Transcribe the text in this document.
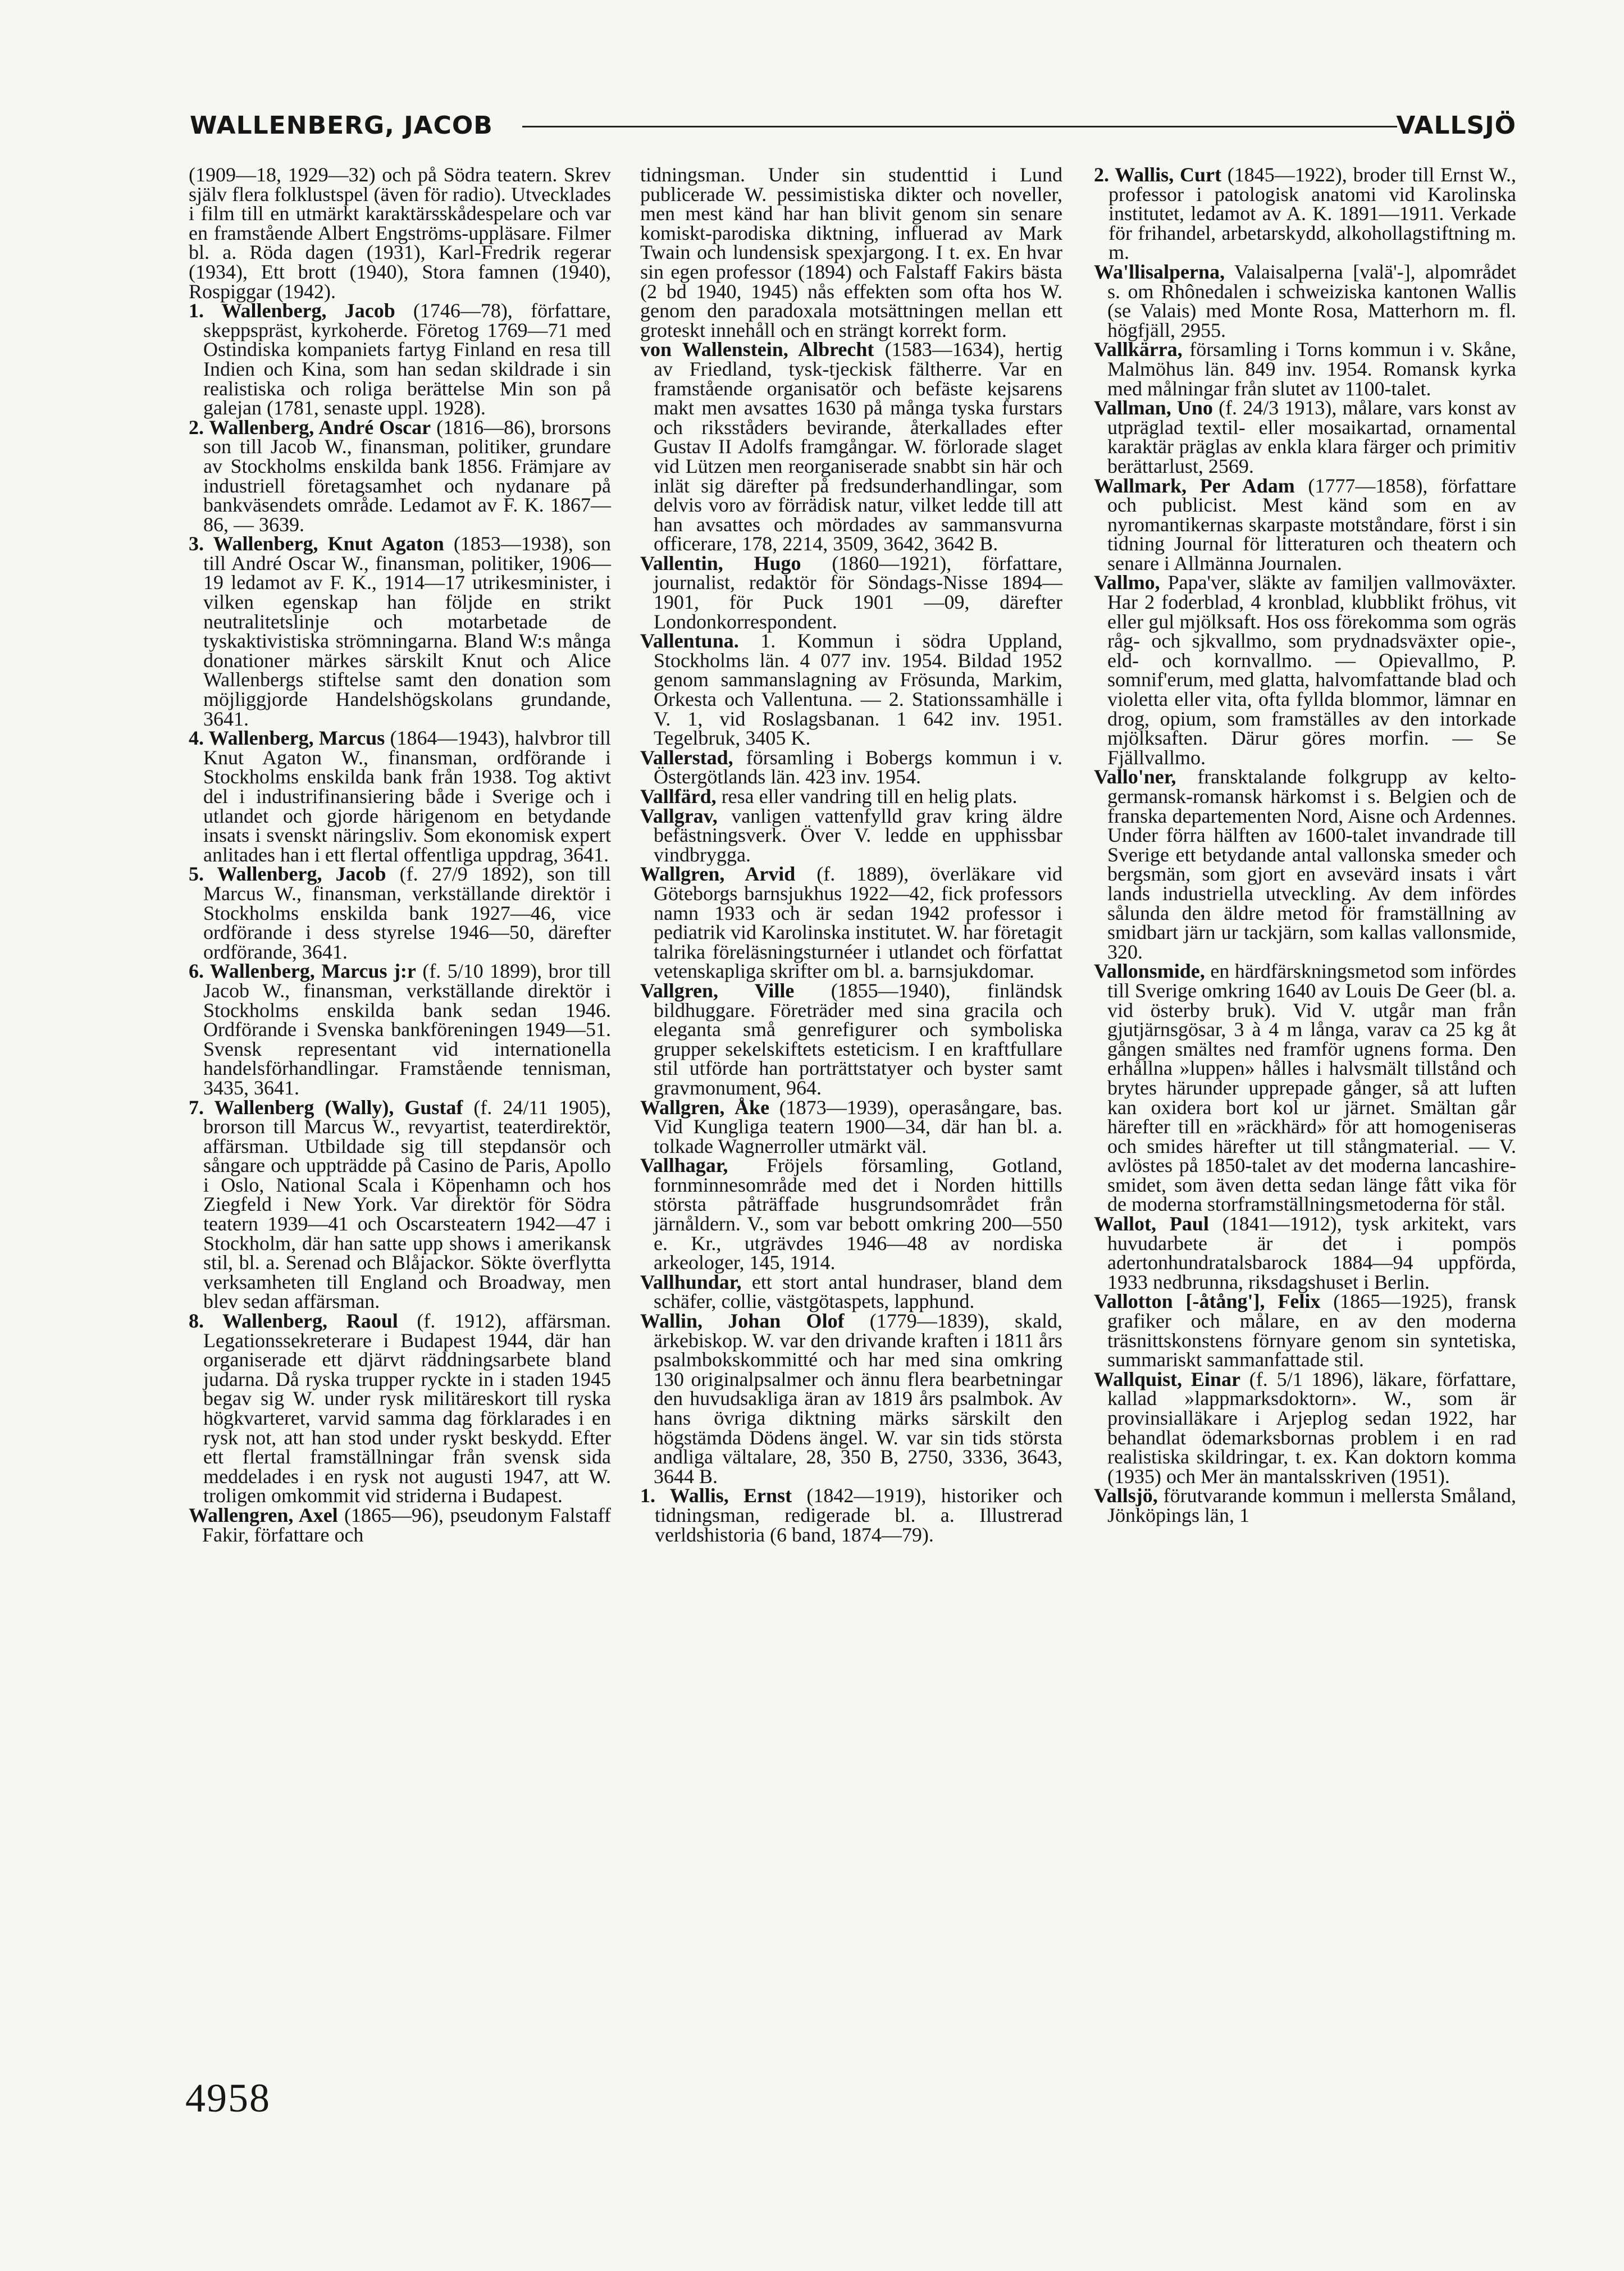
WALLENBERG, JACOB	VALLSJÖ

(1909—18, 1929—32) och på Södra teatern. Skrev själv flera folklustspel (även för radio). Utvecklades i film till en utmärkt karaktärsskådespelare och var en framstående Albert Engströms-uppläsare. Filmer bl. a. Röda dagen (1931), Karl-Fredrik regerar (1934), Ett brott (1940), Stora famnen (1940), Rospiggar (1942).

1. Wallenberg, Jacob (1746—78), författare, skeppspräst, kyrkoherde. Företog 1769—71 med Ostindiska kompaniets fartyg Finland en resa till Indien och Kina, som han sedan skildrade i sin realistiska och roliga berättelse Min son på galejan (1781, senaste uppl. 1928).

2. Wallenberg, André Oscar (1816—86), brorsons son till Jacob W., finansman, politiker, grundare av Stockholms enskilda bank 1856. Främjare av industriell företagsamhet och nydanare på bankväsendets område. Ledamot av F. K. 1867—86, — 3639.

3. Wallenberg, Knut Agaton (1853—1938), son till André Oscar W., finansman, politiker, 1906—19 ledamot av F. K., 1914—17 utrikesminister, i vilken egenskap han följde en strikt neutralitetslinje och motarbetade de tyskaktivistiska strömningarna. Bland W:s många donationer märkes särskilt Knut och Alice Wallenbergs stiftelse samt den donation som möjliggjorde Handelshögskolans grundande, 3641.

4. Wallenberg, Marcus (1864—1943), halvbror till Knut Agaton W., finansman, ordförande i Stockholms enskilda bank från 1938. Tog aktivt del i industrifinansiering både i Sverige och i utlandet och gjorde härigenom en betydande insats i svenskt näringsliv. Som ekonomisk expert anlitades han i ett flertal offentliga uppdrag, 3641.

5. Wallenberg, Jacob (f. 27/9 1892), son till Marcus W., finansman, verkställande direktör i Stockholms enskilda bank 1927—46, vice ordförande i dess styrelse 1946—50, därefter ordförande, 3641.

6. Wallenberg, Marcus j:r (f. 5/10 1899), bror till Jacob W., finansman, verkställande direktör i Stockholms enskilda bank sedan 1946. Ordförande i Svenska bankföreningen 1949—51. Svensk representant vid internationella handelsförhandlingar. Framstående tennisman, 3435, 3641.

7. Wallenberg (Wally), Gustaf (f. 24/11 1905), brorson till Marcus W., revyartist, teaterdirektör, affärsman. Utbildade sig till stepdansör och sångare och uppträdde på Casino de Paris, Apollo i Oslo, National Scala i Köpenhamn och hos Ziegfeld i New York. Var direktör för Södra teatern 1939—41 och Oscarsteatern 1942—47 i Stockholm, där han satte upp shows i amerikansk stil, bl. a. Serenad och Blåjackor. Sökte överflytta verksamheten till England och Broadway, men blev sedan affärsman.

8. Wallenberg, Raoul (f. 1912), affärsman. Legationssekreterare i Budapest 1944, där han organiserade ett djärvt räddningsarbete bland judarna. Då ryska trupper ryckte in i staden 1945 begav sig W. under rysk militäreskort till ryska högkvarteret, varvid samma dag förklarades i en rysk not, att han stod under ryskt beskydd. Efter ett flertal framställningar från svensk sida meddelades i en rysk not augusti 1947, att W. troligen omkommit vid striderna i Budapest.

Wallengren, Axel (1865—96), pseudonym Falstaff Fakir, författare och

tidningsman. Under sin studenttid i Lund publicerade W. pessimistiska dikter och noveller, men mest känd har han blivit genom sin senare komiskt-parodiska diktning, influerad av Mark Twain och lundensisk spexjargong. I t. ex. En hvar sin egen professor (1894) och Falstaff Fakirs bästa (2 bd 1940, 1945) nås effekten som ofta hos W. genom den paradoxala motsättningen mellan ett groteskt innehåll och en strängt korrekt form.

von Wallenstein, Albrecht (1583—1634), hertig av Friedland, tysk-tjeckisk fältherre. Var en framstående organisatör och befäste kejsarens makt men avsattes 1630 på många tyska furstars och riksståders bevirande, återkallades efter Gustav II Adolfs framgångar. W. förlorade slaget vid Lützen men reorganiserade snabbt sin här och inlät sig därefter på fredsunderhandlingar, som delvis voro av förrädisk natur, vilket ledde till att han avsattes och mördades av sammansvurna officerare, 178, 2214, 3509, 3642, 3642 B.

Vallentin, Hugo (1860—1921), författare, journalist, redaktör för Söndags-Nisse 1894—1901, för Puck 1901 —09, därefter Londonkorrespondent.

Vallentuna. 1. Kommun i södra Uppland, Stockholms län. 4 077 inv. 1954. Bildad 1952 genom sammanslagning av Frösunda, Markim, Orkesta och Vallentuna. — 2. Stationssamhälle i V. 1, vid Roslagsbanan. 1 642 inv. 1951. Tegelbruk, 3405 K.

Vallerstad, församling i Bobergs kommun i v. Östergötlands län. 423 inv. 1954.

Vallfärd, resa eller vandring till en helig plats.

Vallgrav, vanligen vattenfylld grav kring äldre befästningsverk. Över V. ledde en upphissbar vindbrygga.

Wallgren, Arvid (f. 1889), överläkare vid Göteborgs barnsjukhus 1922—42, fick professors namn 1933 och är sedan 1942 professor i pediatrik vid Karolinska institutet. W. har företagit talrika föreläsningsturnéer i utlandet och författat vetenskapliga skrifter om bl. a. barnsjukdomar.

Vallgren, Ville (1855—1940), finländsk bildhuggare. Företräder med sina gracila och eleganta små genrefigurer och symboliska grupper sekelskiftets esteticism. I en kraftfullare stil utförde han porträttstatyer och byster samt gravmonument, 964.

Wallgren, Åke (1873—1939), operasångare, bas. Vid Kungliga teatern 1900—34, där han bl. a. tolkade Wagnerroller utmärkt väl.

Vallhagar, Fröjels församling, Gotland, fornminnesområde med det i Norden hittills största påträffade husgrundsområdet från järnåldern. V., som var bebott omkring 200—550 e. Kr., utgrävdes 1946—48 av nordiska arkeologer, 145, 1914.

Vallhundar, ett stort antal hundraser, bland dem schäfer, collie, västgötaspets, lapphund.

Wallin, Johan Olof (1779—1839), skald, ärkebiskop. W. var den drivande kraften i 1811 års psalmbokskommitté och har med sina omkring 130 originalpsalmer och ännu flera bearbetningar den huvudsakliga äran av 1819 års psalmbok. Av hans övriga diktning märks särskilt den högstämda Dödens ängel. W. var sin tids största andliga vältalare, 28, 350 B, 2750, 3336, 3643, 3644 B.

1. Wallis, Ernst (1842—1919), historiker och tidningsman, redigerade bl. a. Illustrerad verldshistoria (6 band, 1874—79).

2. Wallis, Curt (1845—1922), broder till Ernst W., professor i patologisk anatomi vid Karolinska institutet, ledamot av A. K. 1891—1911. Verkade för frihandel, arbetarskydd, alkohollagstiftning m. m.

Wa'llisalperna, Valaisalperna [valä'-], alpområdet s. om Rhônedalen i schweiziska kantonen Wallis (se Valais) med Monte Rosa, Matterhorn m. fl. högfjäll, 2955.

Vallkärra, församling i Torns kommun i v. Skåne, Malmöhus län. 849 inv. 1954. Romansk kyrka med målningar från slutet av 1100-talet.

Vallman, Uno (f. 24/3 1913), målare, vars konst av utpräglad textil- eller mosaikartad, ornamental karaktär präglas av enkla klara färger och primitiv berättarlust, 2569.

Wallmark, Per Adam (1777—1858), författare och publicist. Mest känd som en av nyromantikernas skarpaste motståndare, först i sin tidning Journal för litteraturen och theatern och senare i Allmänna Journalen.

Vallmo, Papa'ver, släkte av familjen vallmoväxter. Har 2 foderblad, 4 kronblad, klubblikt fröhus, vit eller gul mjölksaft. Hos oss förekomma som ogräs råg- och sjkvallmo, som prydnadsväxter opie-, eld- och kornvallmo. — Opievallmo, P. somnif'erum, med glatta, halvomfattande blad och violetta eller vita, ofta fyllda blommor, lämnar en drog, opium, som framställes av den intorkade mjölksaften. Därur göres morfin. — Se Fjällvallmo.

Vallo'ner, fransktalande folkgrupp av kelto-germansk-romansk härkomst i s. Belgien och de franska departementen Nord, Aisne och Ardennes. Under förra hälften av 1600-talet invandrade till Sverige ett betydande antal vallonska smeder och bergsmän, som gjort en avsevärd insats i vårt lands industriella utveckling. Av dem infördes sålunda den äldre metod för framställning av smidbart järn ur tackjärn, som kallas vallonsmide, 320.

Vallonsmide, en härdfärskningsmetod som infördes till Sverige omkring 1640 av Louis De Geer (bl. a. vid österby bruk). Vid V. utgår man från gjutjärnsgösar, 3 à 4 m långa, varav ca 25 kg åt gången smältes ned framför ugnens forma. Den erhållna »luppen» hålles i halvsmält tillstånd och brytes härunder upprepade gånger, så att luften kan oxidera bort kol ur järnet. Smältan går härefter till en »räckhärd» för att homogeniseras och smides härefter ut till stångmaterial. — V. avlöstes på 1850-talet av det moderna lancashire-smidet, som även detta sedan länge fått vika för de moderna storframställningsmetoderna för stål.

Wallot, Paul (1841—1912), tysk arkitekt, vars huvudarbete är det i pompös adertonhundratalsbarock 1884—94 uppförda, 1933 nedbrunna, riksdagshuset i Berlin.

Vallotton [-åtång'], Felix (1865—1925), fransk grafiker och målare, en av den moderna träsnittskonstens förnyare genom sin syntetiska, summariskt sammanfattade stil.

Wallquist, Einar (f. 5/1 1896), läkare, författare, kallad »lappmarksdoktorn». W., som är provinsialläkare i Arjeplog sedan 1922, har behandlat ödemarksbornas problem i en rad realistiska skildringar, t. ex. Kan doktorn komma (1935) och Mer än mantalsskriven (1951).

Vallsjö, förutvarande kommun i mellersta Småland, Jönköpings län, 1

4958
